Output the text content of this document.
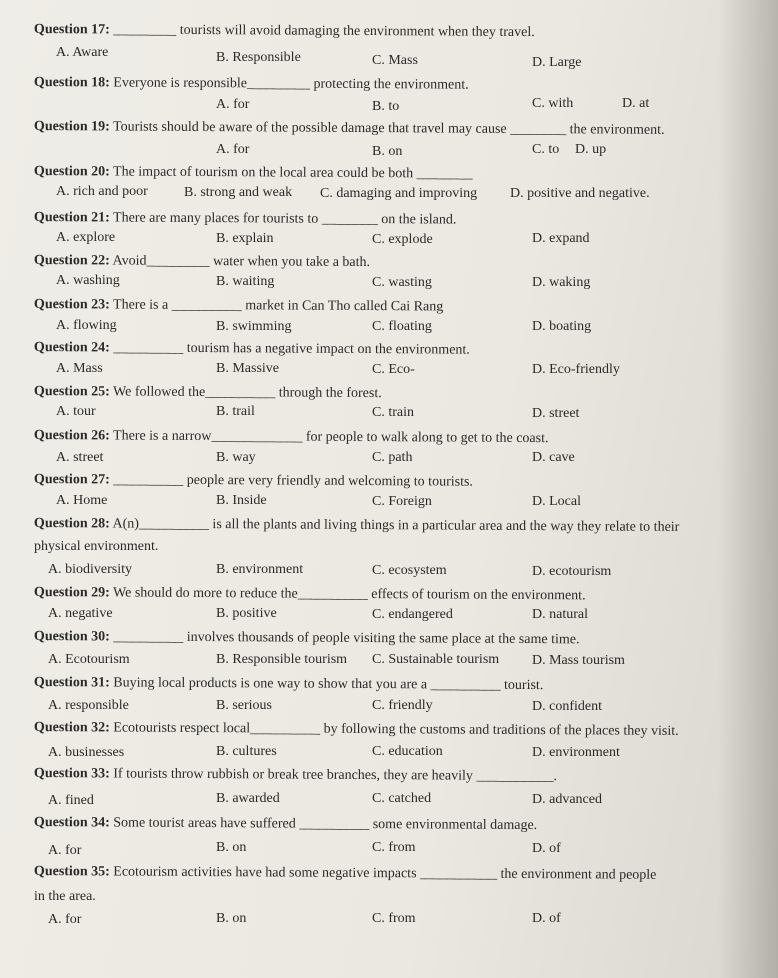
Question 17: _________ tourists will avoid damaging the environment when they travel.
A. Aware	B. Responsible	C. Mass	D. Large
Question 18: Everyone is responsible_________ protecting the environment.
A. for	B. to	C. with	D. at
Question 19: Tourists should be aware of the possible damage that travel may cause ________ the environment.
A. for	B. on	C. to D. up
Question 20: The impact of tourism on the local area could be both ________
A. rich and poor	B. strong and weak C. damaging and improving D. positive and negative.
Question 21: There are many places for tourists to ________ on the island.
A. explore	B. explain	C. explode	D. expand
Question 22: Avoid_________ water when you take a bath.
A. washing	B. waiting	C. wasting	D. waking
Question 23: There is a __________ market in Can Tho called Cai Rang
A. flowing	B. swimming	C. floating	D. boating
Question 24: __________ tourism has a negative impact on the environment.
A. Mass	B. Massive	C. Eco-	D. Eco-friendly
Question 25: We followed the__________ through the forest.
A. tour	B. trail	C. train	D. street
Question 26: There is a narrow_____________ for people to walk along to get to the coast.
A. street	B. way	C. path	D. cave
Question 27: __________ people are very friendly and welcoming to tourists.
A. Home	B. Inside	C. Foreign	D. Local
Question 28: A(n)__________ is all the plants and living things in a particular area and the way they relate to their
physical environment.
A. biodiversity	B. environment	C. ecosystem	D. ecotourism
Question 29: We should do more to reduce the__________ effects of tourism on the environment.
A. negative	B. positive	C. endangered	D. natural
Question 30: __________ involves thousands of people visiting the same place at the same time.
A. Ecotourism	B. Responsible tourism C. Sustainable tourism D. Mass tourism
Question 31: Buying local products is one way to show that you are a __________ tourist.
A. responsible	B. serious	C. friendly	D. confident
Question 32: Ecotourists respect local__________ by following the customs and traditions of the places they visit.
A. businesses	B. cultures	C. education	D. environment
Question 33: If tourists throw rubbish or break tree branches, they are heavily ___________.
A. fined	B. awarded	C. catched	D. advanced
Question 34: Some tourist areas have suffered __________ some environmental damage.
A. for	B. on	C. from	D. of
Question 35: Ecotourism activities have had some negative impacts ___________ the environment and people
in the area.
A. for	B. on	C. from	D. of
